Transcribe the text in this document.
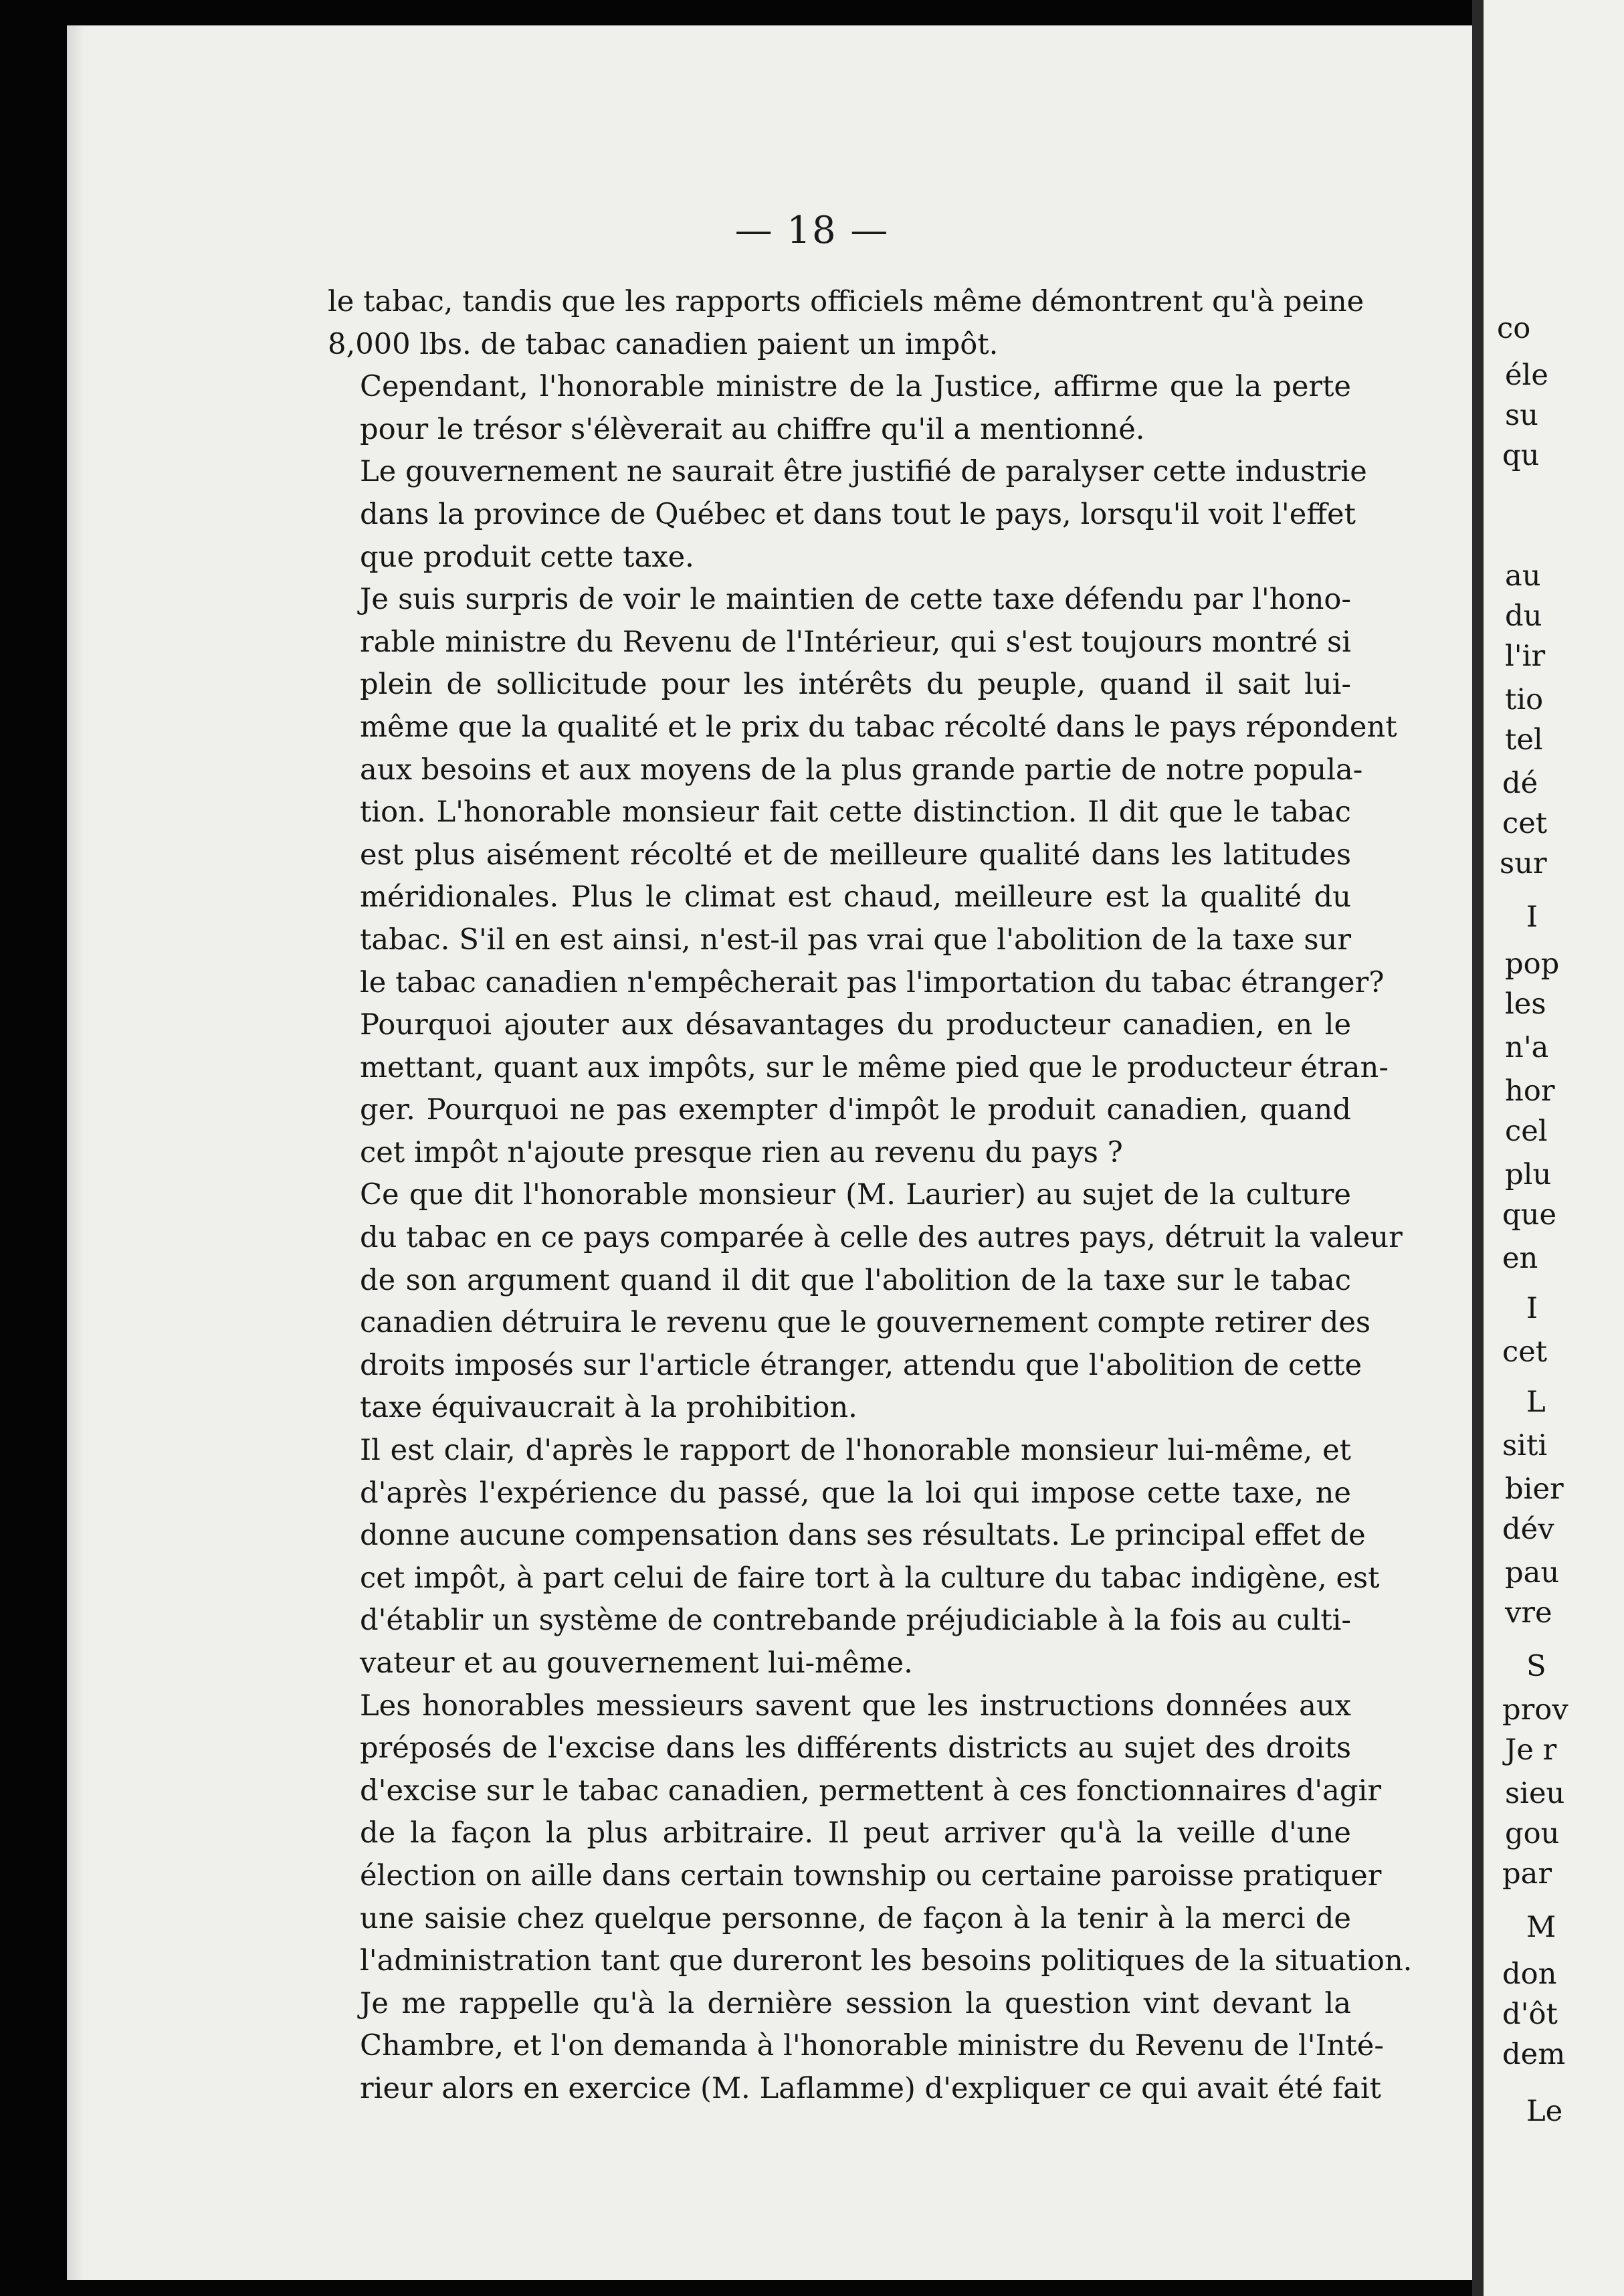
— 18 —
le tabac, tandis que les rapports officiels même démontrent qu'à peine
8,000 lbs. de tabac canadien paient un impôt.
Cependant, l'honorable ministre de la Justice, affirme que la perte
pour le trésor s'élèverait au chiffre qu'il a mentionné.
Le gouvernement ne saurait être justifié de paralyser cette industrie
dans la province de Québec et dans tout le pays, lorsqu'il voit l'effet
que produit cette taxe.
Je suis surpris de voir le maintien de cette taxe défendu par l'hono-
rable ministre du Revenu de l'Intérieur, qui s'est toujours montré si
plein de sollicitude pour les intérêts du peuple, quand il sait lui-
même que la qualité et le prix du tabac récolté dans le pays répondent
aux besoins et aux moyens de la plus grande partie de notre popula-
tion. L'honorable monsieur fait cette distinction. Il dit que le tabac
est plus aisément récolté et de meilleure qualité dans les latitudes
méridionales. Plus le climat est chaud, meilleure est la qualité du
tabac. S'il en est ainsi, n'est-il pas vrai que l'abolition de la taxe sur
le tabac canadien n'empêcherait pas l'importation du tabac étranger?
Pourquoi ajouter aux désavantages du producteur canadien, en le
mettant, quant aux impôts, sur le même pied que le producteur étran-
ger. Pourquoi ne pas exempter d'impôt le produit canadien, quand
cet impôt n'ajoute presque rien au revenu du pays ?
Ce que dit l'honorable monsieur (M. Laurier) au sujet de la culture
du tabac en ce pays comparée à celle des autres pays, détruit la valeur
de son argument quand il dit que l'abolition de la taxe sur le tabac
canadien détruira le revenu que le gouvernement compte retirer des
droits imposés sur l'article étranger, attendu que l'abolition de cette
taxe équivaucrait à la prohibition.
Il est clair, d'après le rapport de l'honorable monsieur lui-même, et
d'après l'expérience du passé, que la loi qui impose cette taxe, ne
donne aucune compensation dans ses résultats. Le principal effet de
cet impôt, à part celui de faire tort à la culture du tabac indigène, est
d'établir un système de contrebande préjudiciable à la fois au culti-
vateur et au gouvernement lui-même.
Les honorables messieurs savent que les instructions données aux
préposés de l'excise dans les différents districts au sujet des droits
d'excise sur le tabac canadien, permettent à ces fonctionnaires d'agir
de la façon la plus arbitraire. Il peut arriver qu'à la veille d'une
élection on aille dans certain township ou certaine paroisse pratiquer
une saisie chez quelque personne, de façon à la tenir à la merci de
l'administration tant que dureront les besoins politiques de la situation.
Je me rappelle qu'à la dernière session la question vint devant la
Chambre, et l'on demanda à l'honorable ministre du Revenu de l'Inté-
rieur alors en exercice (M. Laflamme) d'expliquer ce qui avait été fait
co
éle
su
qu
au
du
l'ir
tio
tel
dé
cet
sur
I
pop
les
n'a
hor
cel
plu
que
en
I
cet
L
siti
bier
dév
pau
vre
S
prov
Je r
sieu
gou
par
M
don
d'ôt
dem
Le
